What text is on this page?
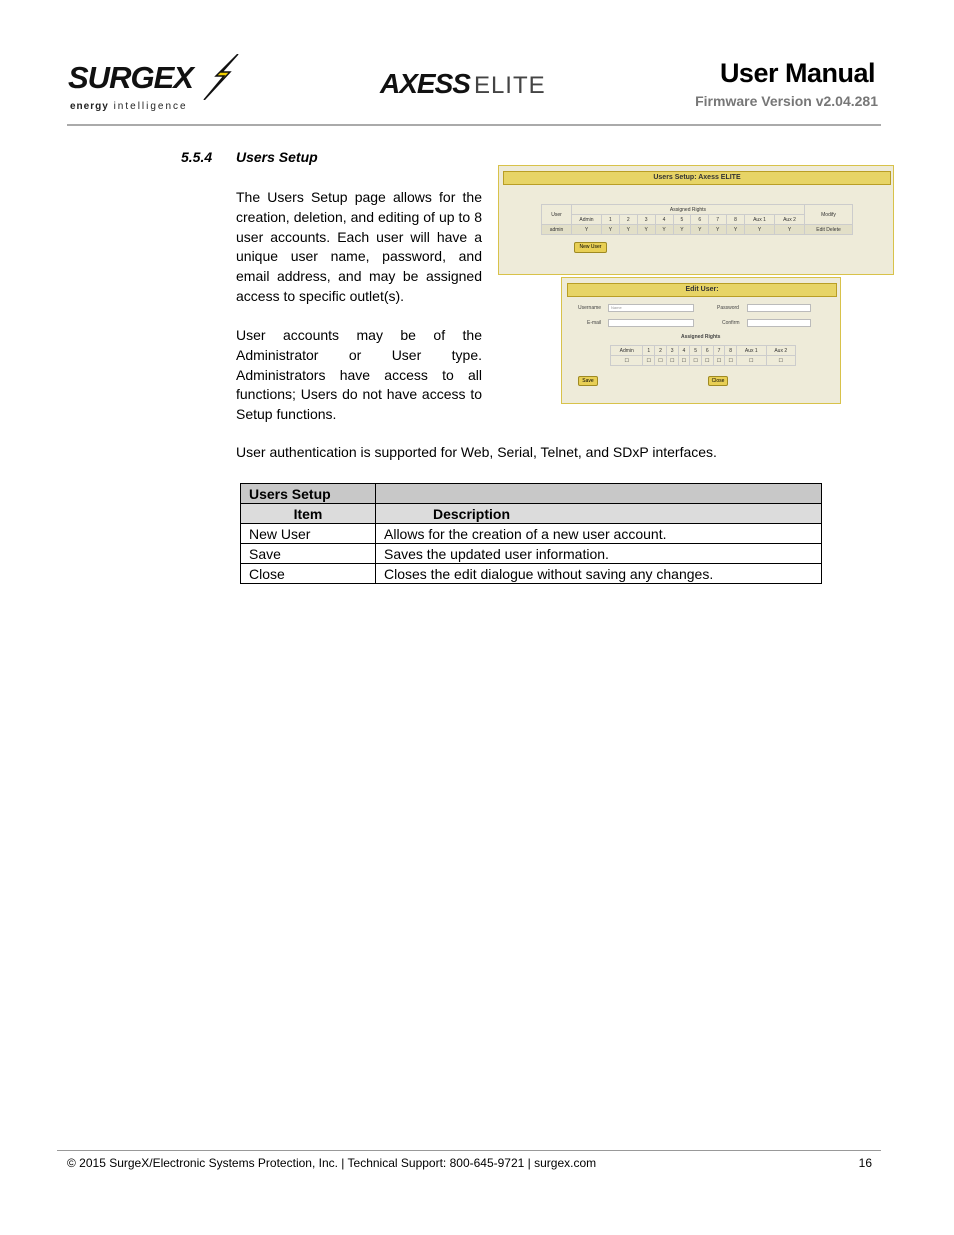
SURGEX
energy intelligence
AXESS ELITE	User Manual
Firmware Version v2.04.281
5.5.4 Users Setup

The Users Setup page allows for the creation, deletion, and editing of up to 8 user accounts. Each user will have a unique user name, password, and email address, and may be assigned access to specific outlet(s).

User accounts may be of the Administrator or User type. Administrators have access to all functions; Users do not have access to Setup functions.

User authentication is supported for Web, Serial, Telnet, and SDxP interfaces.

Users Setup: Axess ELITE
User	Assigned Rights											Modify
	Admin	1	2	3	4	5	6	7	8	Aux 1	Aux 2	
admin	Y	Y	Y	Y	Y	Y	Y	Y	Y	Y	Y	Edit Delete
New User
Edit User:
Username	Name	Password
E-mail	Confirm
Assigned Rights
Admin	1	2	3	4	5	6	7	8	Aux 1	Aux 2
☐	☐	☐	☐	☐	☐	☐	☐	☐	☐	☐
Save	Close
Users Setup	
Item	Description
New User	Allows for the creation of a new user account.
Save	Saves the updated user information.
Close	Closes the edit dialogue without saving any changes.
© 2015 SurgeX/Electronic Systems Protection, Inc. | Technical Support: 800-645-9721 | surgex.com	16
